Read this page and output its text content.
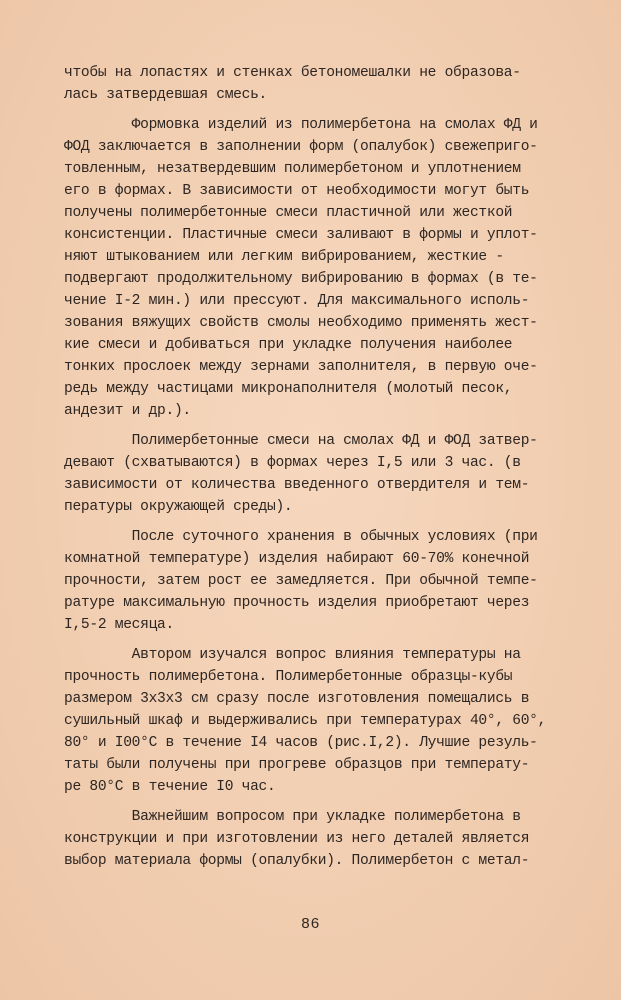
чтобы на лопастях и стенках бетономешалки не образова-
лась затвердевшая смесь.
Формовка изделий из полимербетона на смолах ФД и
ФОД заключается в заполнении форм (опалубок) свежеприго-
товленным, незатвердевшим полимербетоном и уплотнением
его в формах. В зависимости от необходимости могут быть
получены полимербетонные смеси пластичной или жесткой
консистенции. Пластичные смеси заливают в формы и уплот-
няют штыкованием или легким вибрированием, жесткие -
подвергают продолжительному вибрированию в формах (в те-
чение I-2 мин.) или прессуют. Для максимального исполь-
зования вяжущих свойств смолы необходимо применять жест-
кие смеси и добиваться при укладке получения наиболее
тонких прослоек между зернами заполнителя, в первую оче-
редь между частицами микронаполнителя (молотый песок,
андезит и др.).
Полимербетонные смеси на смолах ФД и ФОД затвер-
девают (схватываются) в формах через I,5 или 3 час. (в
зависимости от количества введенного отвердителя и тем-
пературы окружающей среды).
После суточного хранения в обычных условиях (при
комнатной температуре) изделия набирают 60-70% конечной
прочности, затем рост ее замедляется. При обычной темпе-
ратуре максимальную прочность изделия приобретают через
I,5-2 месяца.
Автором изучался вопрос влияния температуры на
прочность полимербетона. Полимербетонные образцы-кубы
размером 3х3х3 см сразу после изготовления помещались в
сушильный шкаф и выдерживались при температурах 40°, 60°,
80° и I00°С в течение I4 часов (рис.I,2). Лучшие резуль-
таты были получены при прогреве образцов при температу-
ре 80°С в течение I0 час.
Важнейшим вопросом при укладке полимербетона в
конструкции и при изготовлении из него деталей является
выбор материала формы (опалубки). Полимербетон с метал-
86
